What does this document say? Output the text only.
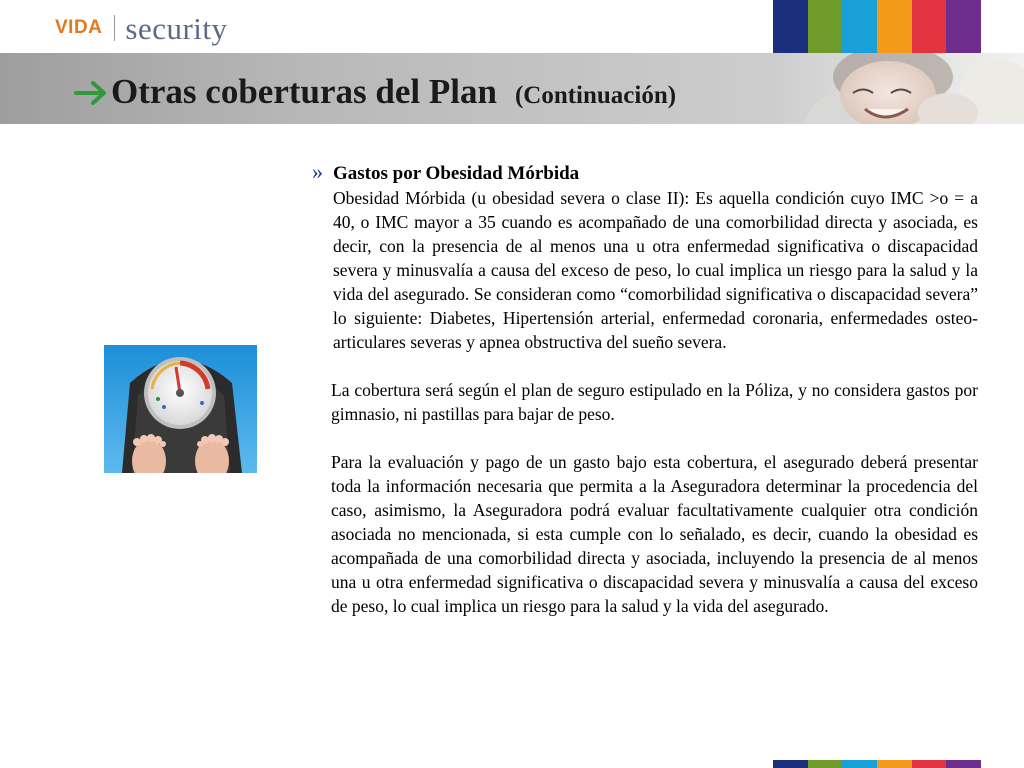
VIDA security
Otras coberturas del Plan (Continuación)
» Gastos por Obesidad Mórbida
Obesidad Mórbida (u obesidad severa o clase II): Es aquella condición cuyo IMC >o = a 40, o IMC mayor a 35 cuando es acompañado de una comorbilidad directa y asociada, es decir, con la presencia de al menos una u otra enfermedad significativa o discapacidad severa y minusvalía a causa del exceso de peso, lo cual implica un riesgo para la salud y la vida del asegurado. Se consideran como “comorbilidad significativa o discapacidad severa” lo siguiente: Diabetes, Hipertensión arterial, enfermedad coronaria, enfermedades osteo-articulares severas y apnea obstructiva del sueño severa.
La cobertura será según el plan de seguro estipulado en la Póliza, y no considera gastos por gimnasio, ni pastillas para bajar de peso.
Para la evaluación y pago de un gasto bajo esta cobertura, el asegurado deberá presentar toda la información necesaria que permita a la Aseguradora determinar la procedencia del caso, asimismo, la Aseguradora podrá evaluar facultativamente cualquier otra condición asociada no mencionada, si esta cumple con lo señalado, es decir, cuando la obesidad es acompañada de una comorbilidad directa y asociada, incluyendo la presencia de al menos una u otra enfermedad significativa o discapacidad severa y minusvalía a causa del exceso de peso, lo cual implica un riesgo para la salud y la vida del asegurado.
